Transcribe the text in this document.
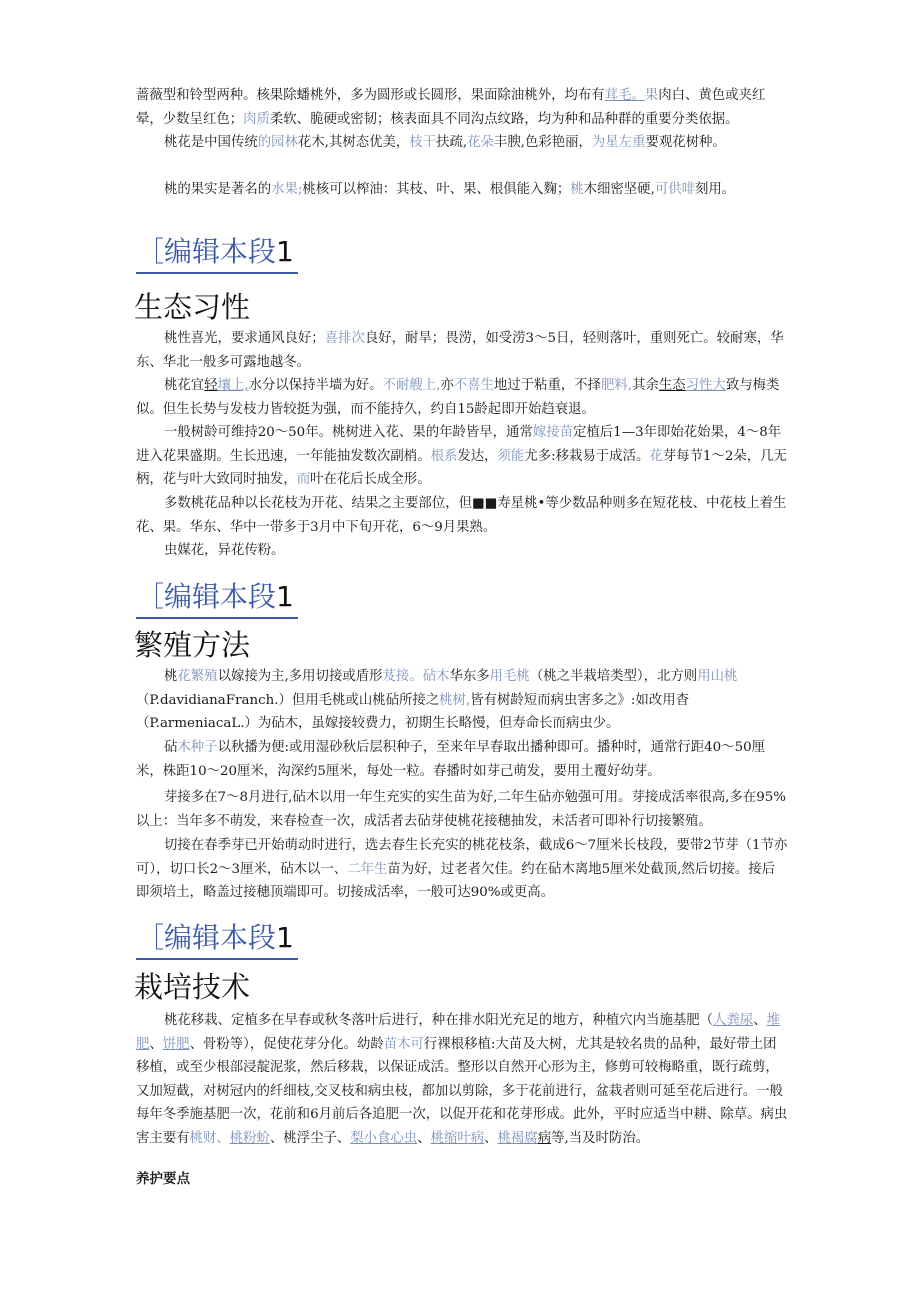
蔷薇型和铃型两种。核果除蟠桃外，多为圆形或长圆形，果面除油桃外，均布有茸毛。果肉白、黄色或夹红晕，少数呈红色；肉质柔软、脆硬或密韧；核表面具不同沟点纹路，均为种和品种群的重要分类依据。

桃花是中国传统的园林花木,其树态优美，枝干扶疏,花朵丰腴,色彩艳丽，为星左重要观花树种。

桃的果实是著名的水果;桃核可以榨油：其枝、叶、果、根俱能入麴；桃木细密坚硬,可供啡刻用。

［编辑本段1
生态习性

桃性喜光，要求通风良好；喜排次良好，耐旱；畏涝，如受涝3〜5日，轻则落叶，重则死亡。较耐寒，华东、华北一般多可露地越冬。

桃花宜轻壤上,水分以保持半墙为好。不耐艘上,亦不喜生地过于粘重，不择肥料,其余生态习性大致与梅类似。但生长势与发枝力皆较挺为强，而不能持久，约自15龄起即开始趋衰退。

一般树龄可维持20〜50年。桃树进入花、果的年龄皆早，通常嫁接苗定植后1—3年即始花始果，4〜8年进入花果盛期。生长迅速，一年能抽发数次副梢。根系发达，须能尤多:移栽易于成活。花芽每节1〜2朵，几无柄，花与叶大致同时抽发，而叶在花后长成全形。

多数桃花品种以长花枝为开花、结果之主要部位，但■■寿星桃•等少数品种则多在短花枝、中花枝上着生花、果。华东、华中一带多于3月中下旬开花，6〜9月果熟。

虫媒花，异花传粉。

［编辑本段1
繁殖方法

桃花繁殖以嫁接为主,多用切接或盾形芨接。砧木华东多用毛桃（桃之半栽培类型），北方则用山桃（P.davidianaFranch.）但用毛桃或山桃砧所接之桃树,皆有树龄短而病虫害多之》:如改用杳（P.armeniacaL.）为砧木，虽嫁接较费力，初期生长略慢，但寿命长而病虫少。

砧木种子以秋播为便:或用湿砂秋后层积种子，至来年早春取出播种即可。播种时，通常行距40〜50厘米，株距10〜20厘米，沟深约5厘米，每处一粒。春播时如芽己萌发，要用土覆好幼芽。

芽接多在7〜8月进行,砧木以用一年生充实的实生苗为好,二年生砧亦勉强可用。芽接成活率很高,多在95%以上：当年多不萌发，来春检查一次，成活者去砧芽使桃花接穗抽发，未活者可即补行切接繁殖。

切接在春季芽已开始萌动时进行，选去春生长充实的桃花枝条，截成6〜7厘米长枝段，要带2节芽（1节亦可），切口长2〜3厘米，砧木以一、二年生苗为好，过老者欠佳。约在砧木离地5厘米处截顶,然后切接。接后即须培土，略盖过接穗顶端即可。切接成活率，一般可达90%或更高。

［编辑本段1
栽培技术

桃花移栽、定植多在早春或秋冬落叶后进行，种在排水阳光充足的地方，种植穴内当施基肥（人粪尿、堆肥、饼肥、骨粉等），促使花芽分化。幼龄苗木可行裸根移植:大苗及大树，尤其是较名贵的品种，最好带土团移植，或至少根部浸靛泥浆，然后移栽，以保证成活。整形以自然开心形为主，修剪可较梅略重，既行疏剪，又加短截，对树冠内的纤细枝,交叉枝和病虫枝，都加以剪除，多于花前进行，盆栽者则可延至花后进行。一般每年冬季施基肥一次，花前和6月前后各追肥一次，以促开花和花芽形成。此外，平时应适当中耕、除草。病虫害主要有桃财、桃粉蚧、桃浮尘子、梨小食心虫、桃缩叶病、桃褐腐病等,当及时防治。

养护要点
